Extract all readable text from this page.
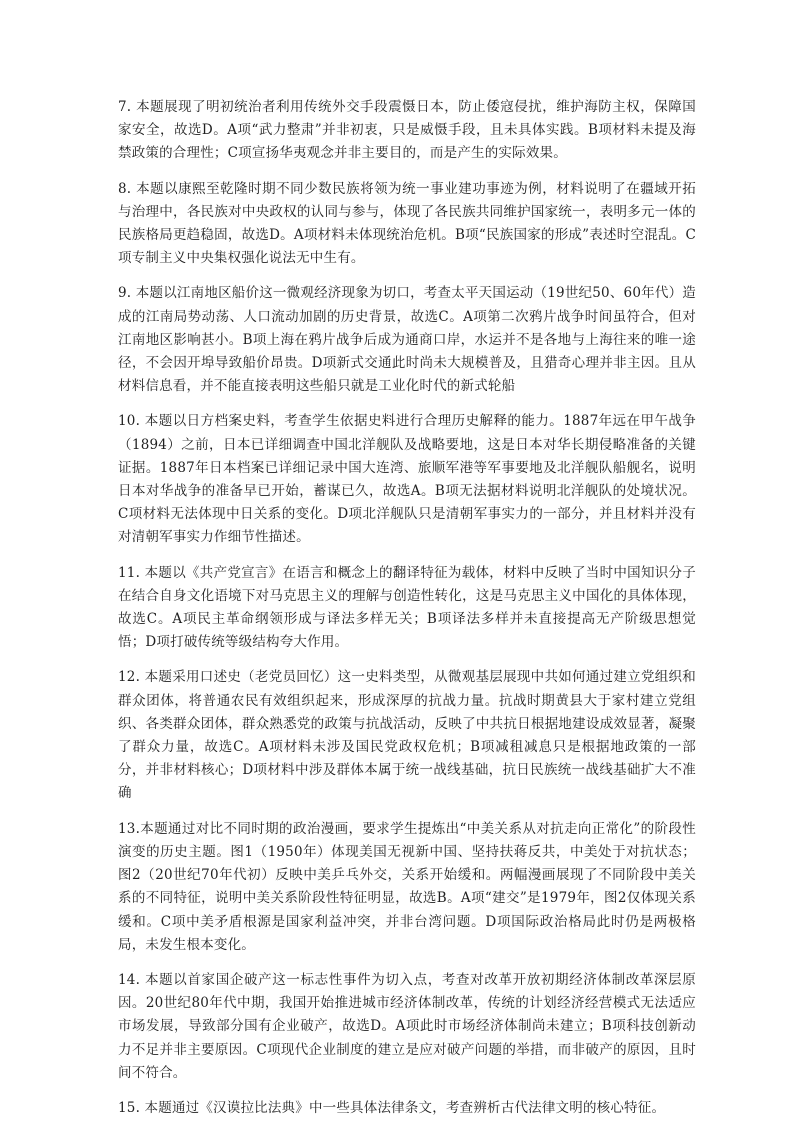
7. 本题展现了明初统治者利用传统外交手段震慑日本，防止倭寇侵扰，维护海防主权，保障国家安全，故选D。A项“武力整肃”并非初衷，只是威慑手段，且未具体实践。B项材料未提及海禁政策的合理性；C项宣扬华夷观念并非主要目的，而是产生的实际效果。

8. 本题以康熙至乾隆时期不同少数民族将领为统一事业建功事迹为例，材料说明了在疆域开拓与治理中，各民族对中央政权的认同与参与，体现了各民族共同维护国家统一，表明多元一体的民族格局更趋稳固，故选D。A项材料未体现统治危机。B项“民族国家的形成”表述时空混乱。C项专制主义中央集权强化说法无中生有。

9. 本题以江南地区船价这一微观经济现象为切口，考查太平天国运动（19世纪50、60年代）造成的江南局势动荡、人口流动加剧的历史背景，故选C。A项第二次鸦片战争时间虽符合，但对江南地区影响甚小。B项上海在鸦片战争后成为通商口岸，水运并不是各地与上海往来的唯一途径，不会因开埠导致船价昂贵。D项新式交通此时尚未大规模普及，且猎奇心理并非主因。且从材料信息看，并不能直接表明这些船只就是工业化时代的新式轮船

10. 本题以日方档案史料，考查学生依据史料进行合理历史解释的能力。1887年远在甲午战争（1894）之前，日本已详细调查中国北洋舰队及战略要地，这是日本对华长期侵略准备的关键证据。1887年日本档案已详细记录中国大连湾、旅顺军港等军事要地及北洋舰队船舰名，说明日本对华战争的准备早已开始，蓄谋已久，故选A。B项无法据材料说明北洋舰队的处境状况。C项材料无法体现中日关系的变化。D项北洋舰队只是清朝军事实力的一部分，并且材料并没有对清朝军事实力作细节性描述。

11. 本题以《共产党宣言》在语言和概念上的翻译特征为载体，材料中反映了当时中国知识分子在结合自身文化语境下对马克思主义的理解与创造性转化，这是马克思主义中国化的具体体现，故选C。A项民主革命纲领形成与译法多样无关；B项译法多样并未直接提高无产阶级思想觉悟；D项打破传统等级结构夸大作用。

12. 本题采用口述史（老党员回忆）这一史料类型，从微观基层展现中共如何通过建立党组织和群众团体，将普通农民有效组织起来，形成深厚的抗战力量。抗战时期黄县大于家村建立党组织、各类群众团体，群众熟悉党的政策与抗战活动，反映了中共抗日根据地建设成效显著，凝聚了群众力量，故选C。A项材料未涉及国民党政权危机；B项减租减息只是根据地政策的一部分，并非材料核心；D项材料中涉及群体本属于统一战线基础，抗日民族统一战线基础扩大不准确

13.本题通过对比不同时期的政治漫画，要求学生提炼出“中美关系从对抗走向正常化”的阶段性演变的历史主题。图1（1950年）体现美国无视新中国、坚持扶蒋反共，中美处于对抗状态；图2（20世纪70年代初）反映中美乒乓外交，关系开始缓和。两幅漫画展现了不同阶段中美关系的不同特征，说明中美关系阶段性特征明显，故选B。A项“建交”是1979年，图2仅体现关系缓和。C项中美矛盾根源是国家利益冲突，并非台湾问题。D项国际政治格局此时仍是两极格局，未发生根本变化。

14. 本题以首家国企破产这一标志性事件为切入点，考查对改革开放初期经济体制改革深层原因。20世纪80年代中期，我国开始推进城市经济体制改革，传统的计划经济经营模式无法适应市场发展，导致部分国有企业破产，故选D。A项此时市场经济体制尚未建立；B项科技创新动力不足并非主要原因。C项现代企业制度的建立是应对破产问题的举措，而非破产的原因，且时间不符合。

15. 本题通过《汉谟拉比法典》中一些具体法律条文，考查辨析古代法律文明的核心特征。
